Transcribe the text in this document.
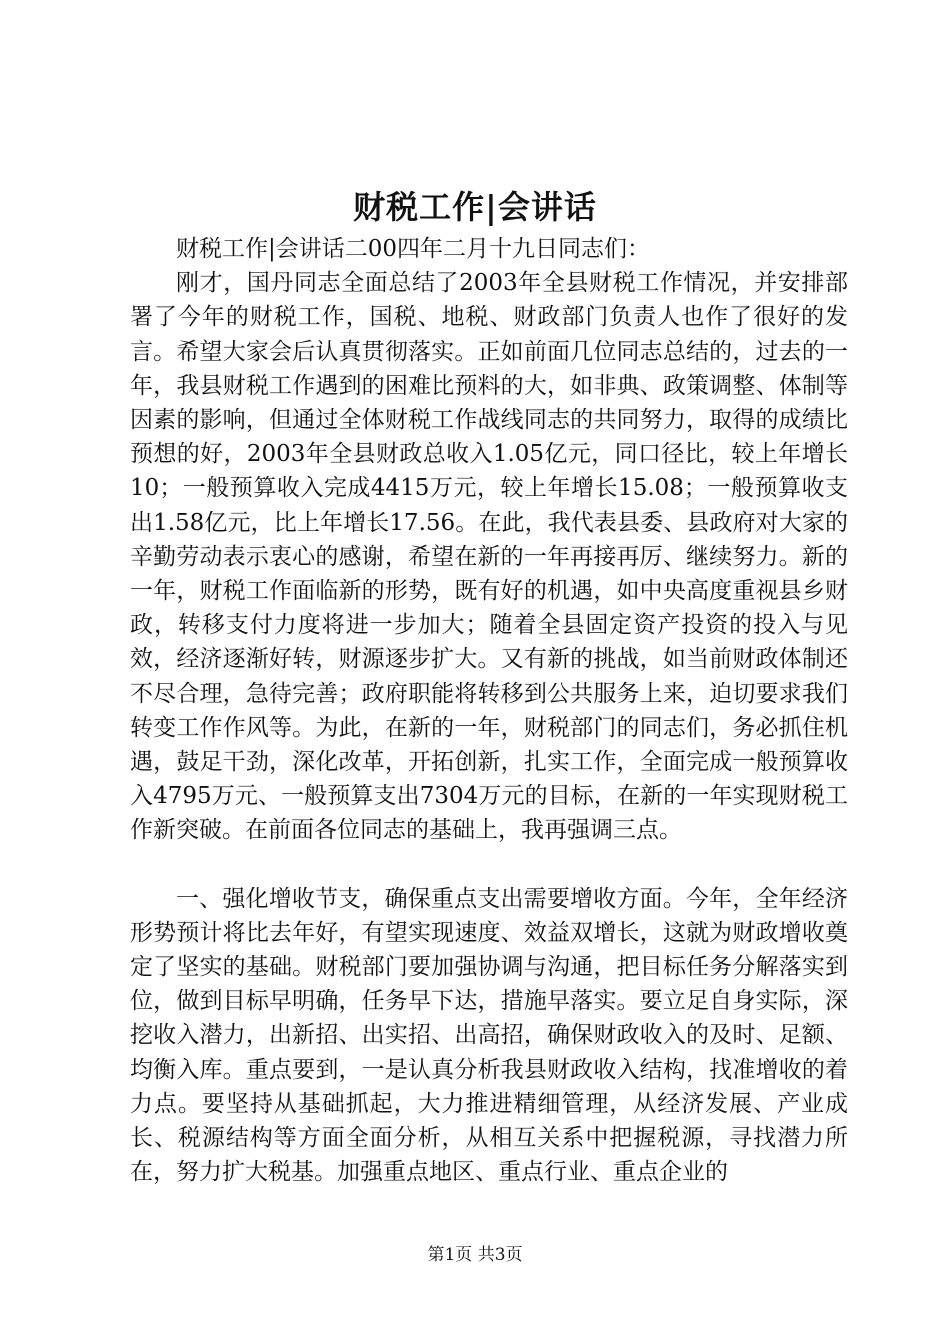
财税工作|会讲话

财税工作|会讲话二00四年二月十九日同志们：

刚才，国丹同志全面总结了2003年全县财税工作情况，并安排部署了今年的财税工作，国税、地税、财政部门负责人也作了很好的发言。希望大家会后认真贯彻落实。正如前面几位同志总结的，过去的一年，我县财税工作遇到的困难比预料的大，如非典、政策调整、体制等因素的影响，但通过全体财税工作战线同志的共同努力，取得的成绩比预想的好，2003年全县财政总收入1.05亿元，同口径比，较上年增长10；一般预算收入完成4415万元，较上年增长15.08；一般预算收支出1.58亿元，比上年增长17.56。在此，我代表县委、县政府对大家的辛勤劳动表示衷心的感谢，希望在新的一年再接再厉、继续努力。新的一年，财税工作面临新的形势，既有好的机遇，如中央高度重视县乡财政，转移支付力度将进一步加大；随着全县固定资产投资的投入与见效，经济逐渐好转，财源逐步扩大。又有新的挑战，如当前财政体制还不尽合理，急待完善；政府职能将转移到公共服务上来，迫切要求我们转变工作作风等。为此，在新的一年，财税部门的同志们，务必抓住机遇，鼓足干劲，深化改革，开拓创新，扎实工作，全面完成一般预算收入4795万元、一般预算支出7304万元的目标，在新的一年实现财税工作新突破。在前面各位同志的基础上，我再强调三点。

一、强化增收节支，确保重点支出需要增收方面。今年，全年经济形势预计将比去年好，有望实现速度、效益双增长，这就为财政增收奠定了坚实的基础。财税部门要加强协调与沟通，把目标任务分解落实到位，做到目标早明确，任务早下达，措施早落实。要立足自身实际，深挖收入潜力，出新招、出实招、出高招，确保财政收入的及时、足额、均衡入库。重点要到，一是认真分析我县财政收入结构，找准增收的着力点。要坚持从基础抓起，大力推进精细管理，从经济发展、产业成长、税源结构等方面全面分析，从相互关系中把握税源，寻找潜力所在，努力扩大税基。加强重点地区、重点行业、重点企业的

第1页 共3页
